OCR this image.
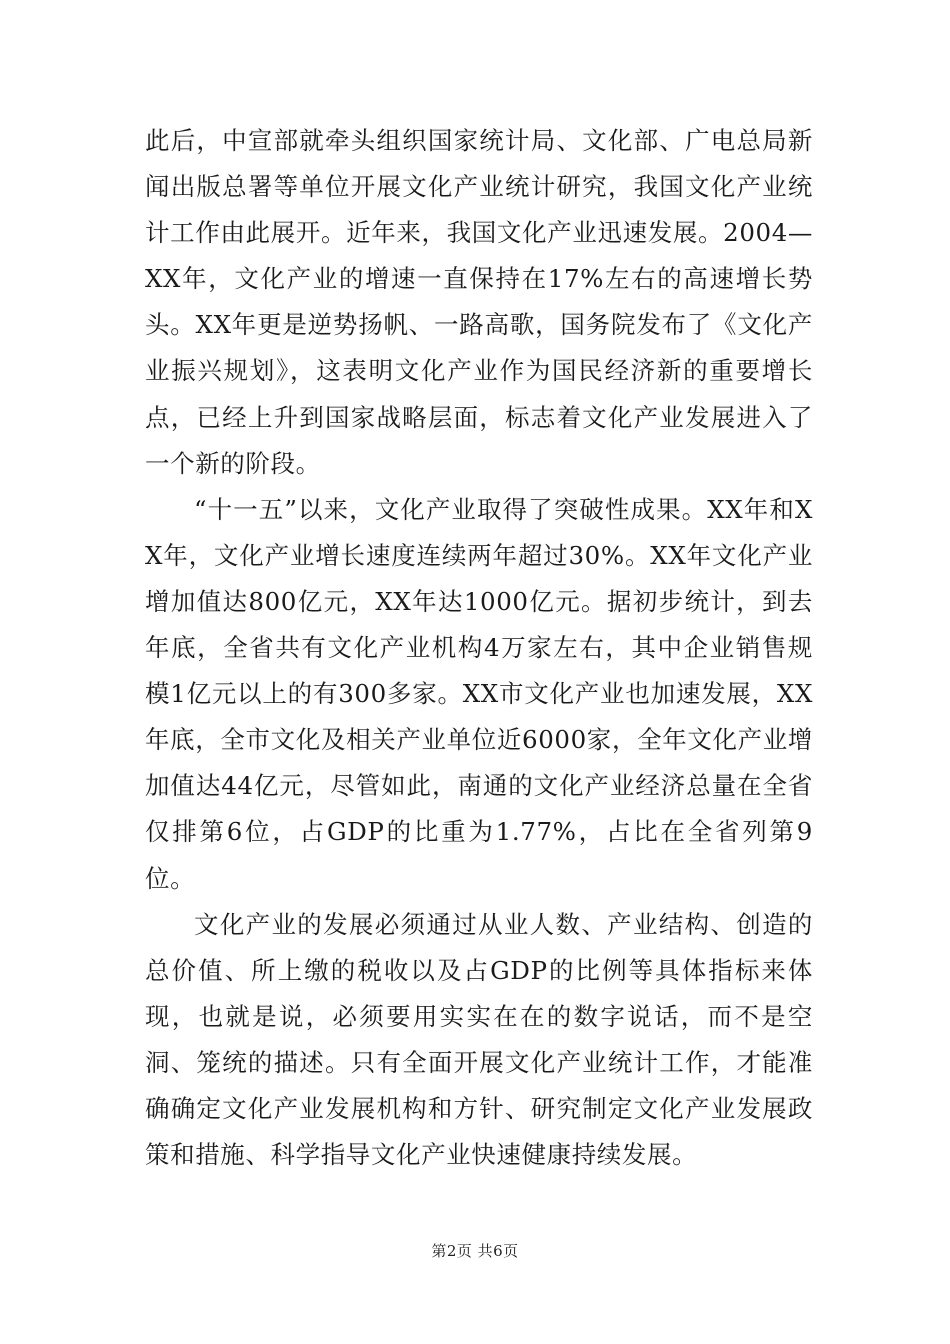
此后，中宣部就牵头组织国家统计局、文化部、广电总局新闻出版总署等单位开展文化产业统计研究，我国文化产业统计工作由此展开。近年来，我国文化产业迅速发展。2004—XX年，文化产业的增速一直保持在17%左右的高速增长势头。XX年更是逆势扬帆、一路高歌，国务院发布了《文化产业振兴规划》，这表明文化产业作为国民经济新的重要增长点，已经上升到国家战略层面，标志着文化产业发展进入了一个新的阶段。

“十一五”以来，文化产业取得了突破性成果。XX年和XX年，文化产业增长速度连续两年超过30%。XX年文化产业增加值达800亿元，XX年达1000亿元。据初步统计，到去年底，全省共有文化产业机构4万家左右，其中企业销售规模1亿元以上的有300多家。XX市文化产业也加速发展，XX年底，全市文化及相关产业单位近6000家，全年文化产业增加值达44亿元，尽管如此，南通的文化产业经济总量在全省仅排第6位，占GDP的比重为1.77%，占比在全省列第9位。

文化产业的发展必须通过从业人数、产业结构、创造的总价值、所上缴的税收以及占GDP的比例等具体指标来体现，也就是说，必须要用实实在在的数字说话，而不是空洞、笼统的描述。只有全面开展文化产业统计工作，才能准确确定文化产业发展机构和方针、研究制定文化产业发展政策和措施、科学指导文化产业快速健康持续发展。

第2页 共6页
